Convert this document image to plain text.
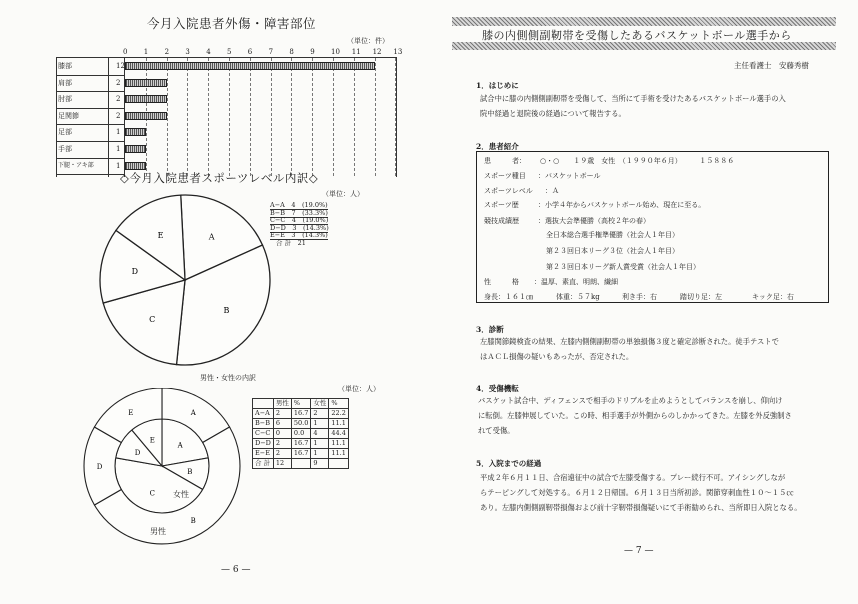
今月入院患者外傷・障害部位
（単位：件）
0 1 2 3 4 5 6 7 8 9 10 11 12 13
膝部	12
肩部	2
肘部	2
足関節	2
足部	1
手部	1
下腿・アキ部	1
◇今月入院患者スポーツレベル内訳◇
（単位：人）
A
B
C
D
E
A−A　4　(19.0%)
B−B　7　(33.3%)
C−C　4　(19.0%)
D−D　3　(14.3%)
E−E　3　(14.3%)
合 計　21
男性・女性の内訳
（単位：人）
A
B
C
D
E
A
B
D
E
女性
男性
	男性	%	女性	%
A−A	2	16.7	2	22.2
B−B	6	50.0	1	11.1
C−C	0	0.0	4	44.4
D−D	2	16.7	1	11.1
E−E	2	16.7	1	11.1
合 計	12		9	
— 6 —
膝の内側側副靭帯を受傷したあるバスケットボール選手から
主任看護士　安藤秀樹
1．はじめに
試合中に膝の内側側副靭帯を受傷して、当所にて手術を受けたあるバスケットボール選手の入
院中経過と退院後の経過について報告する。
2．患者紹介
患　　　者： ○・○　　１９歳　女性　（１９９０年６月）　　　１５８８６
スポーツ種目 ：バスケットボール
スポーツレベル ：Ａ
スポーツ歴	：小学４年からバスケットボール始め、現在に至る。
競技成績歴	：選抜大会準優勝（高校２年の春）
全日本総合選手権準優勝（社会人１年目）
第２３回日本リーグ３位（社会人１年目）
第２３回日本リーグ新人賞受賞（社会人１年目）
性　　　格 ：温厚、素直、明朗、繊細
身長：１６１㎝	体重：５７kg	利き手：右	踏切り足：左	キック足：右
3．診断
左膝関節鏡検査の結果、左膝内側側副靭帯の単独損傷３度と確定診断された。徒手テストで
はＡＣＬ損傷の疑いもあったが、否定された。
4．受傷機転
バスケット試合中、ディフェンスで相手のドリブルを止めようとしてバランスを崩し、仰向け
に転倒。左膝伸展していた。この時、相手選手が外側からのしかかってきた。左膝を外反強制さ
れて受傷。
5．入院までの経過
平成２年６月１１日、合宿遠征中の試合で左膝受傷する。プレー続行不可。アイシングしなが
らテーピングして対処する。６月１２日帰国。６月１３日当所初診。関節穿刺血性１０〜１５㏄
あり。左膝内側側副靭帯損傷および前十字靭帯損傷疑いにて手術勧められ、当所即日入院となる。
— 7 —
